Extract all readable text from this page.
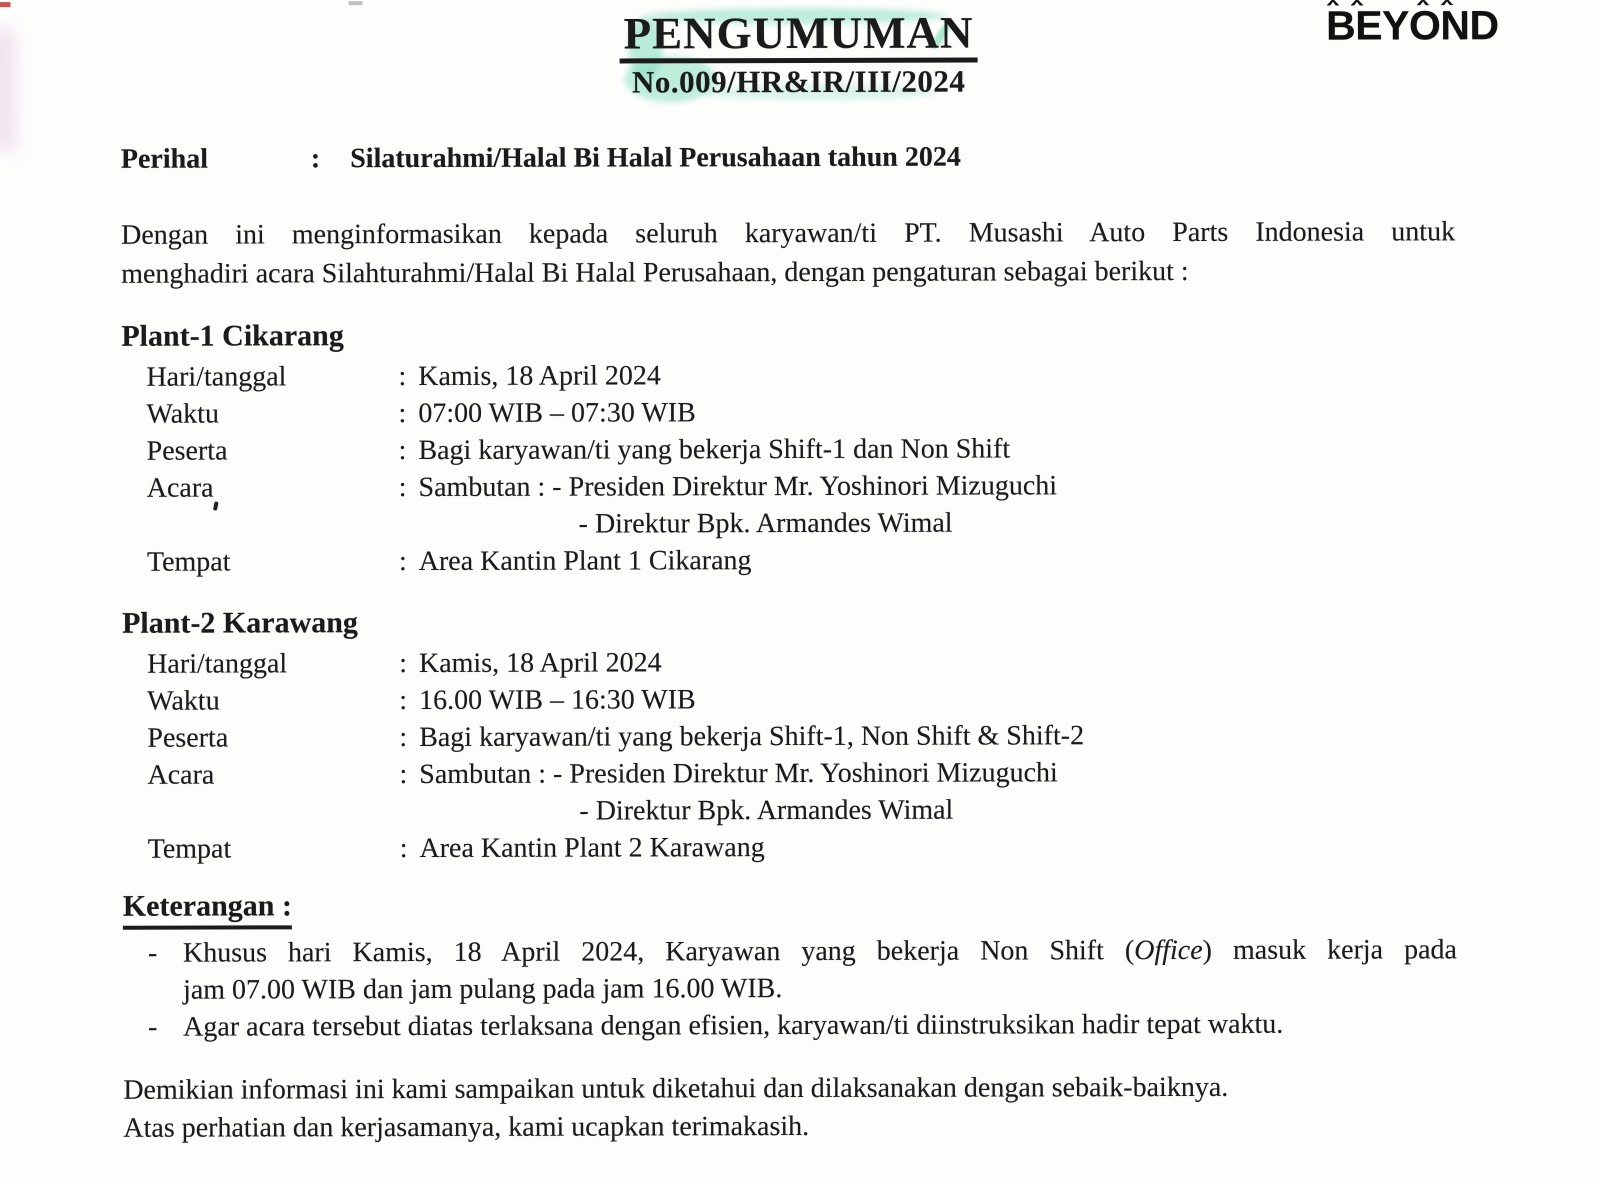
BEYOND
PENGUMUMAN
No.009/HR&IR/III/2024
Perihal	: Silaturahmi/Halal Bi Halal Perusahaan tahun 2024
Dengan ini menginformasikan kepada seluruh karyawan/ti PT. Musashi Auto Parts Indonesia untuk
menghadiri acara Silahturahmi/Halal Bi Halal Perusahaan, dengan pengaturan sebagai berikut :
Plant-1 Cikarang
Hari/tanggal	: Kamis, 18 April 2024
Waktu	: 07:00 WIB – 07:30 WIB
Peserta	: Bagi karyawan/ti yang bekerja Shift-1 dan Non Shift
Acara	: Sambutan : - Presiden Direktur Mr. Yoshinori Mizuguchi
- Direktur Bpk. Armandes Wimal
Tempat	: Area Kantin Plant 1 Cikarang
Plant-2 Karawang
Hari/tanggal	: Kamis, 18 April 2024
Waktu	: 16.00 WIB – 16:30 WIB
Peserta	: Bagi karyawan/ti yang bekerja Shift-1, Non Shift & Shift-2
Acara	: Sambutan : - Presiden Direktur Mr. Yoshinori Mizuguchi
- Direktur Bpk. Armandes Wimal
Tempat	: Area Kantin Plant 2 Karawang
Keterangan :
- Khusus hari Kamis, 18 April 2024, Karyawan yang bekerja Non Shift (Office) masuk kerja pada
jam 07.00 WIB dan jam pulang pada jam 16.00 WIB.
- Agar acara tersebut diatas terlaksana dengan efisien, karyawan/ti diinstruksikan hadir tepat waktu.
Demikian informasi ini kami sampaikan untuk diketahui dan dilaksanakan dengan sebaik-baiknya.
Atas perhatian dan kerjasamanya, kami ucapkan terimakasih.
